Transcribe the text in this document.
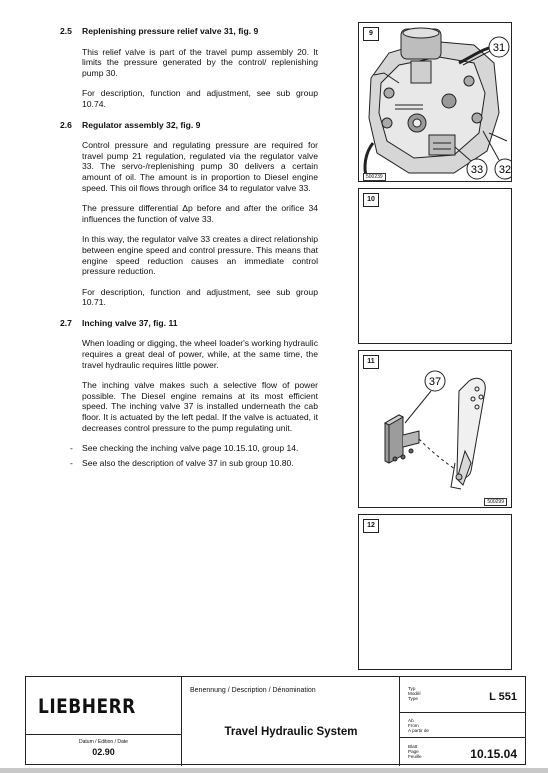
2.5	Replenishing pressure relief valve 31, fig. 9

This relief valve is part of the travel pump assembly 20. It limits the pressure generated by the control/ replenishing pump 30.

For description, function and adjustment, see sub group 10.74.

2.6	Regulator assembly 32, fig. 9

Control pressure and regulating pressure are required for travel pump 21 regulation, regulated via the regulator valve 33. The servo-/replenishing pump 30 delivers a certain amount of oil. The amount is in proportion to Diesel engine speed. This oil flows through orifice 34 to regulator valve 33.

The pressure differential Δp before and after the orifice 34 influences the function of valve 33.

In this way, the regulator valve 33 creates a direct relationship between engine speed and control pressure. This means that engine speed reduction causes an immediate control pressure reduction.

For description, function and adjustment, see sub group 10.71.

2.7	Inching valve 37, fig. 11

When loading or digging, the wheel loader's working hydraulic requires a great deal of power, while, at the same time, the travel hydraulic requires little power.

The inching valve makes such a selective flow of power possible. The Diesel engine remains at its most efficient speed. The inching valve 37 is installed underneath the cab floor. It is actuated by the left pedal. If the valve is actuated, it decreases control pressure to the pump regulating unit.

-	See checking the inching valve page 10.15.10, group 14.
-	See also the description of valve 37 in sub group 10.80.
9
31
33 32
500239
10
11
37
500299
12
LIEBHERR
Datum / Edition / Date
02.90
Benennung / Description / Dénomination
Travel Hydraulic System
Typ
Modèl
Type	L 551
Ab
From
A partir de
Blatt
Page
Feuille	10.15.04
